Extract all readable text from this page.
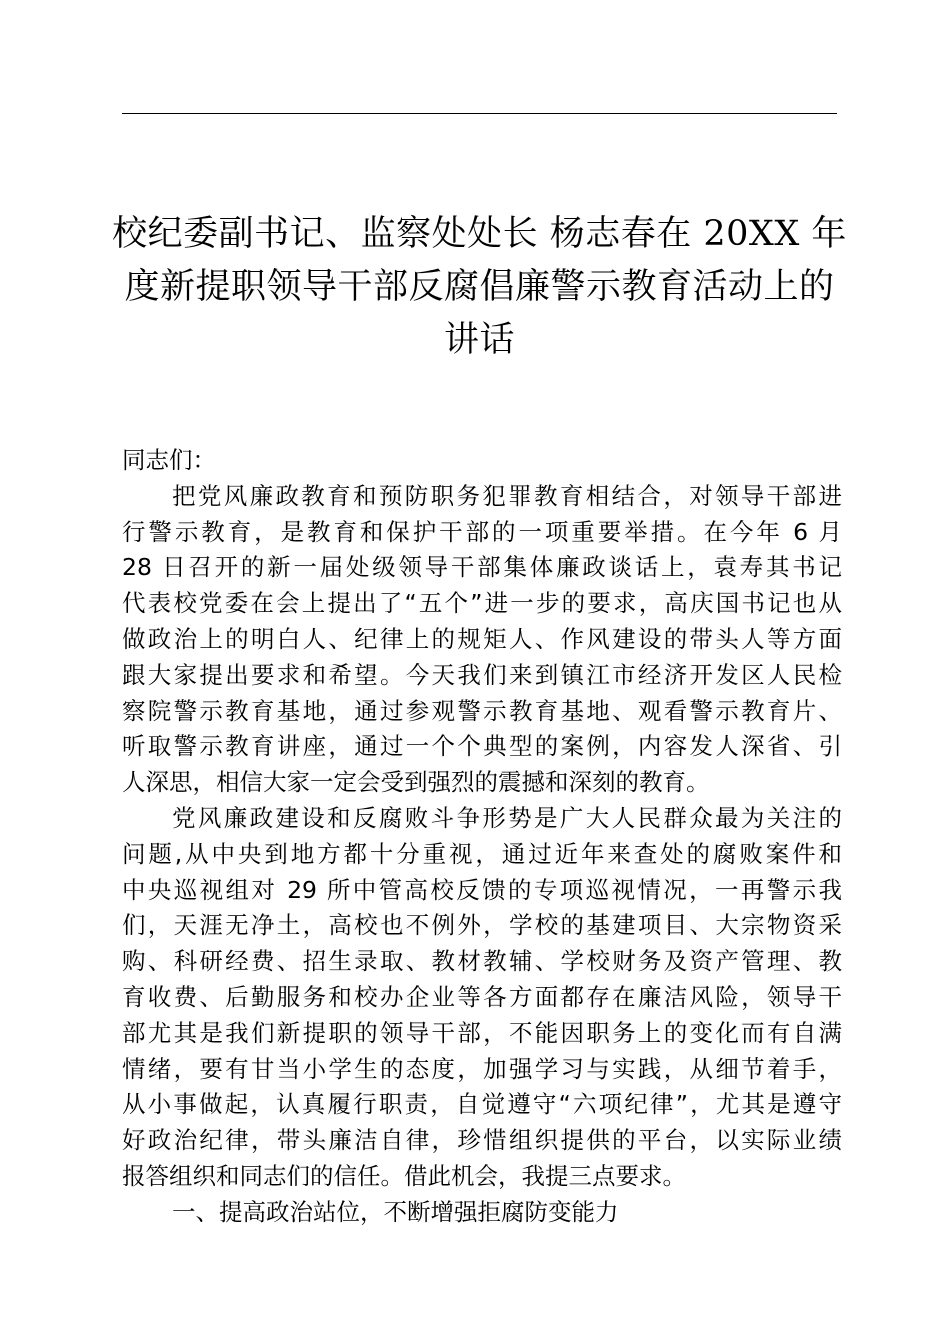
校纪委副书记、监察处处长 杨志春在 20XX 年
度新提职领导干部反腐倡廉警示教育活动上的
讲话
同志们：
把党风廉政教育和预防职务犯罪教育相结合，对领导干部进
行警示教育，是教育和保护干部的一项重要举措。在今年 6 月
28 日召开的新一届处级领导干部集体廉政谈话上，袁寿其书记
代表校党委在会上提出了“五个”进一步的要求，高庆国书记也从
做政治上的明白人、纪律上的规矩人、作风建设的带头人等方面
跟大家提出要求和希望。今天我们来到镇江市经济开发区人民检
察院警示教育基地，通过参观警示教育基地、观看警示教育片、
听取警示教育讲座，通过一个个典型的案例，内容发人深省、引
人深思，相信大家一定会受到强烈的震撼和深刻的教育。
党风廉政建设和反腐败斗争形势是广大人民群众最为关注的
问题,从中央到地方都十分重视，通过近年来查处的腐败案件和
中央巡视组对 29 所中管高校反馈的专项巡视情况，一再警示我
们，天涯无净土，高校也不例外，学校的基建项目、大宗物资采
购、科研经费、招生录取、教材教辅、学校财务及资产管理、教
育收费、后勤服务和校办企业等各方面都存在廉洁风险，领导干
部尤其是我们新提职的领导干部，不能因职务上的变化而有自满
情绪，要有甘当小学生的态度，加强学习与实践，从细节着手，
从小事做起，认真履行职责，自觉遵守“六项纪律”，尤其是遵守
好政治纪律，带头廉洁自律，珍惜组织提供的平台，以实际业绩
报答组织和同志们的信任。借此机会，我提三点要求。
一、提高政治站位，不断增强拒腐防变能力
